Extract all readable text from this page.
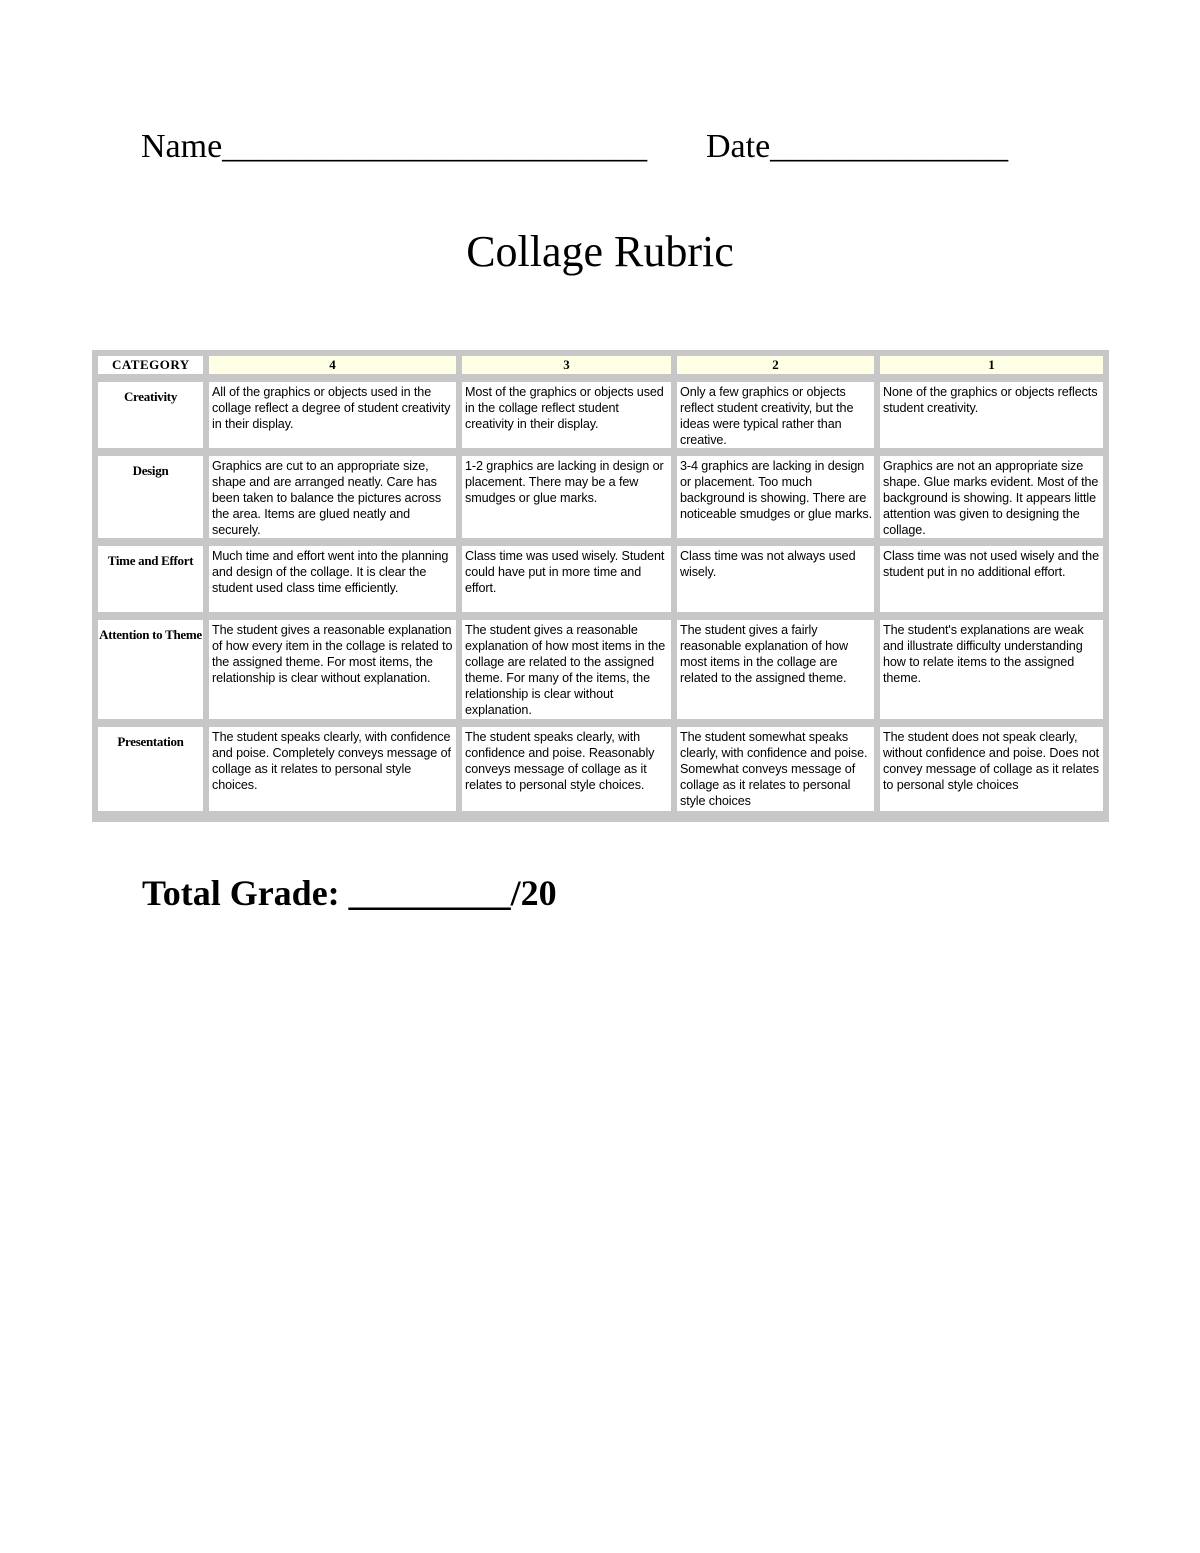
Name_________________________ Date______________
Collage Rubric
CATEGORY	4	3	2	1
Creativity	All of the graphics or objects used in the collage reflect a degree of student creativity in their display.	Most of the graphics or objects used in the collage reflect student creativity in their display.	Only a few graphics or objects reflect student creativity, but the ideas were typical rather than creative.	None of the graphics or objects reflects student creativity.
Design	Graphics are cut to an appropriate size, shape and are arranged neatly. Care has been taken to balance the pictures across the area. Items are glued neatly and securely.	1-2 graphics are lacking in design or placement. There may be a few smudges or glue marks.	3-4 graphics are lacking in design or placement. Too much background is showing. There are noticeable smudges or glue marks.	Graphics are not an appropriate size shape. Glue marks evident. Most of the background is showing. It appears little attention was given to designing the collage.
Time and Effort	Much time and effort went into the planning and design of the collage. It is clear the student used class time efficiently.	Class time was used wisely. Student could have put in more time and effort.	Class time was not always used wisely.	Class time was not used wisely and the student put in no additional effort.
Attention to Theme	The student gives a reasonable explanation of how every item in the collage is related to the assigned theme. For most items, the relationship is clear without explanation.	The student gives a reasonable explanation of how most items in the collage are related to the assigned theme. For many of the items, the relationship is clear without explanation.	The student gives a fairly reasonable explanation of how most items in the collage are related to the assigned theme.	The student's explanations are weak and illustrate difficulty understanding how to relate items to the assigned theme.
Presentation	The student speaks clearly, with confidence and poise. Completely conveys message of collage as it relates to personal style choices.	The student speaks clearly, with confidence and poise. Reasonably conveys message of collage as it relates to personal style choices.	The student somewhat speaks clearly, with confidence and poise. Somewhat conveys message of collage as it relates to personal style choices	The student does not speak clearly, without confidence and poise. Does not convey message of collage as it relates to personal style choices
Total Grade: _________/20
